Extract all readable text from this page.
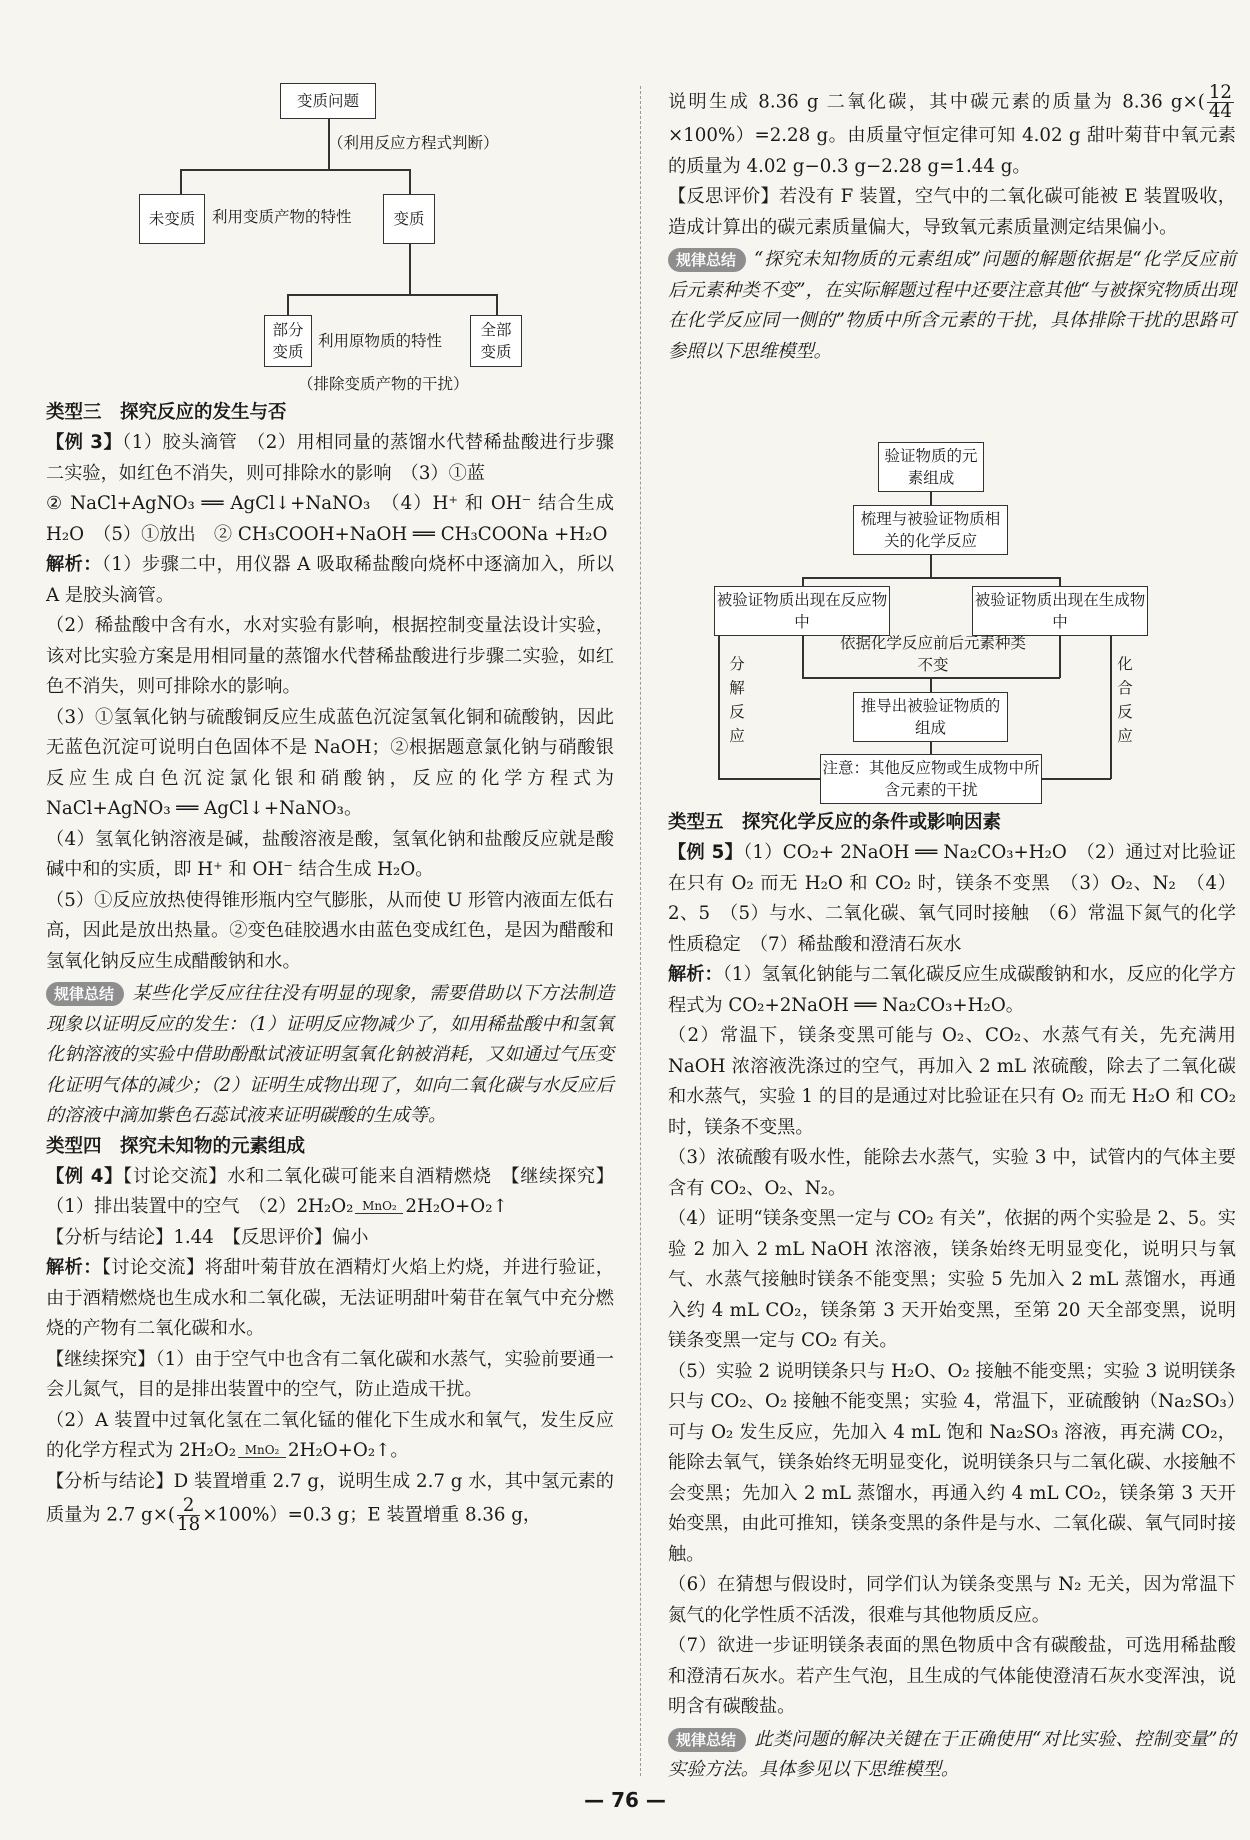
变质问题
（利用反应方程式判断）
未变质	利用变质产物的特性	变质
部分变质
利用原物质的特性
全部变质
（排除变质产物的干扰）
类型三　探究反应的发生与否

【例 3】（1）胶头滴管　（2）用相同量的蒸馏水代替稀盐酸进行步骤二实验，如红色不消失，则可排除水的影响　（3）①蓝

② NaCl+AgNO₃ ══ AgCl↓+NaNO₃　（4）H⁺ 和 OH⁻ 结合生成 H₂O　（5）①放出　② CH₃COOH+NaOH ══ CH₃COONa +H₂O

解析：（1）步骤二中，用仪器 A 吸取稀盐酸向烧杯中逐滴加入，所以 A 是胶头滴管。

（2）稀盐酸中含有水，水对实验有影响，根据控制变量法设计实验，该对比实验方案是用相同量的蒸馏水代替稀盐酸进行步骤二实验，如红色不消失，则可排除水的影响。

（3）①氢氧化钠与硫酸铜反应生成蓝色沉淀氢氧化铜和硫酸钠，因此无蓝色沉淀可说明白色固体不是 NaOH；②根据题意氯化钠与硝酸银反应生成白色沉淀氯化银和硝酸钠，反应的化学方程式为 NaCl+AgNO₃ ══ AgCl↓+NaNO₃。

（4）氢氧化钠溶液是碱，盐酸溶液是酸，氢氧化钠和盐酸反应就是酸碱中和的实质，即 H⁺ 和 OH⁻ 结合生成 H₂O。

（5）①反应放热使得锥形瓶内空气膨胀，从而使 U 形管内液面左低右高，因此是放出热量。②变色硅胶遇水由蓝色变成红色，是因为醋酸和氢氧化钠反应生成醋酸钠和水。

规律总结 某些化学反应往往没有明显的现象，需要借助以下方法制造现象以证明反应的发生：（1）证明反应物减少了，如用稀盐酸中和氢氧化钠溶液的实验中借助酚酞试液证明氢氧化钠被消耗，又如通过气压变化证明气体的减少；（2）证明生成物出现了，如向二氧化碳与水反应后的溶液中滴加紫色石蕊试液来证明碳酸的生成等。

类型四　探究未知物的元素组成

【例 4】【讨论交流】水和二氧化碳可能来自酒精燃烧　【继续探究】（1）排出装置中的空气　（2）2H₂O₂ MnO₂ 2H₂O+O₂↑

【分析与结论】1.44　【反思评价】偏小

解析：【讨论交流】将甜叶菊苷放在酒精灯火焰上灼烧，并进行验证，由于酒精燃烧也生成水和二氧化碳，无法证明甜叶菊苷在氧气中充分燃烧的产物有二氧化碳和水。

【继续探究】（1）由于空气中也含有二氧化碳和水蒸气，实验前要通一会儿氮气，目的是排出装置中的空气，防止造成干扰。

（2）A 装置中过氧化氢在二氧化锰的催化下生成水和氧气，发生反应的化学方程式为 2H₂O₂ MnO₂ 2H₂O+O₂↑。

【分析与结论】D 装置增重 2.7 g，说明生成 2.7 g 水，其中氢元素的质量为 2.7 $g\times( \frac{2}{18} \times 100\%)=0.3$ g；E 装置增重 8.36 g，

说明生成 8.36 g 二氧化碳，其中碳元素的质量为 8.36 $g\times( \frac{12}{44}$
×100%）=2.28 g。由质量守恒定律可知 4.02 g 甜叶菊苷中氧元素的质量为 4.02 g−0.3 g−2.28 g=1.44 g。

【反思评价】若没有 F 装置，空气中的二氧化碳可能被 E 装置吸收，造成计算出的碳元素质量偏大，导致氧元素质量测定结果偏小。

规律总结 “探究未知物质的元素组成”问题的解题依据是“化学反应前后元素种类不变”，在实际解题过程中还要注意其他“与被探究物质出现在化学反应同一侧的”物质中所含元素的干扰，具体排除干扰的思路可参照以下思维模型。

验证物质的元素组成
梳理与被验证物质相关的化学反应
被验证物质出现在反应物中
被验证物质出现在生成物中
依据化学反应前后元素种类不变
推导出被验证物质的组成
注意：其他反应物或生成物中所含元素的干扰
分解反应
化合反应
类型五　探究化学反应的条件或影响因素

【例 5】（1）CO₂+ 2NaOH ══ Na₂CO₃+H₂O　（2）通过对比验证在只有 O₂ 而无 H₂O 和 CO₂ 时，镁条不变黑　（3）O₂、N₂　（4）2、5　（5）与水、二氧化碳、氧气同时接触　（6）常温下氮气的化学性质稳定　（7）稀盐酸和澄清石灰水

解析：（1）氢氧化钠能与二氧化碳反应生成碳酸钠和水，反应的化学方程式为 CO₂+2NaOH ══ Na₂CO₃+H₂O。

（2）常温下，镁条变黑可能与 O₂、CO₂、水蒸气有关，先充满用 NaOH 浓溶液洗涤过的空气，再加入 2 mL 浓硫酸，除去了二氧化碳和水蒸气，实验 1 的目的是通过对比验证在只有 O₂ 而无 H₂O 和 CO₂ 时，镁条不变黑。

（3）浓硫酸有吸水性，能除去水蒸气，实验 3 中，试管内的气体主要含有 CO₂、O₂、N₂。

（4）证明“镁条变黑一定与 CO₂ 有关”，依据的两个实验是 2、5。实验 2 加入 2 mL NaOH 浓溶液，镁条始终无明显变化，说明只与氧气、水蒸气接触时镁条不能变黑；实验 5 先加入 2 mL 蒸馏水，再通入约 4 mL CO₂，镁条第 3 天开始变黑，至第 20 天全部变黑，说明镁条变黑一定与 CO₂ 有关。

（5）实验 2 说明镁条只与 H₂O、O₂ 接触不能变黑；实验 3 说明镁条只与 CO₂、O₂ 接触不能变黑；实验 4，常温下，亚硫酸钠（Na₂SO₃）可与 O₂ 发生反应，先加入 4 mL 饱和 Na₂SO₃ 溶液，再充满 CO₂，能除去氧气，镁条始终无明显变化，说明镁条只与二氧化碳、水接触不会变黑；先加入 2 mL 蒸馏水，再通入约 4 mL CO₂，镁条第 3 天开始变黑，由此可推知，镁条变黑的条件是与水、二氧化碳、氧气同时接触。

（6）在猜想与假设时，同学们认为镁条变黑与 N₂ 无关，因为常温下氮气的化学性质不活泼，很难与其他物质反应。

（7）欲进一步证明镁条表面的黑色物质中含有碳酸盐，可选用稀盐酸和澄清石灰水。若产生气泡，且生成的气体能使澄清石灰水变浑浊，说明含有碳酸盐。

规律总结 此类问题的解决关键在于正确使用“对比实验、控制变量”的实验方法。具体参见以下思维模型。

— 76 —
